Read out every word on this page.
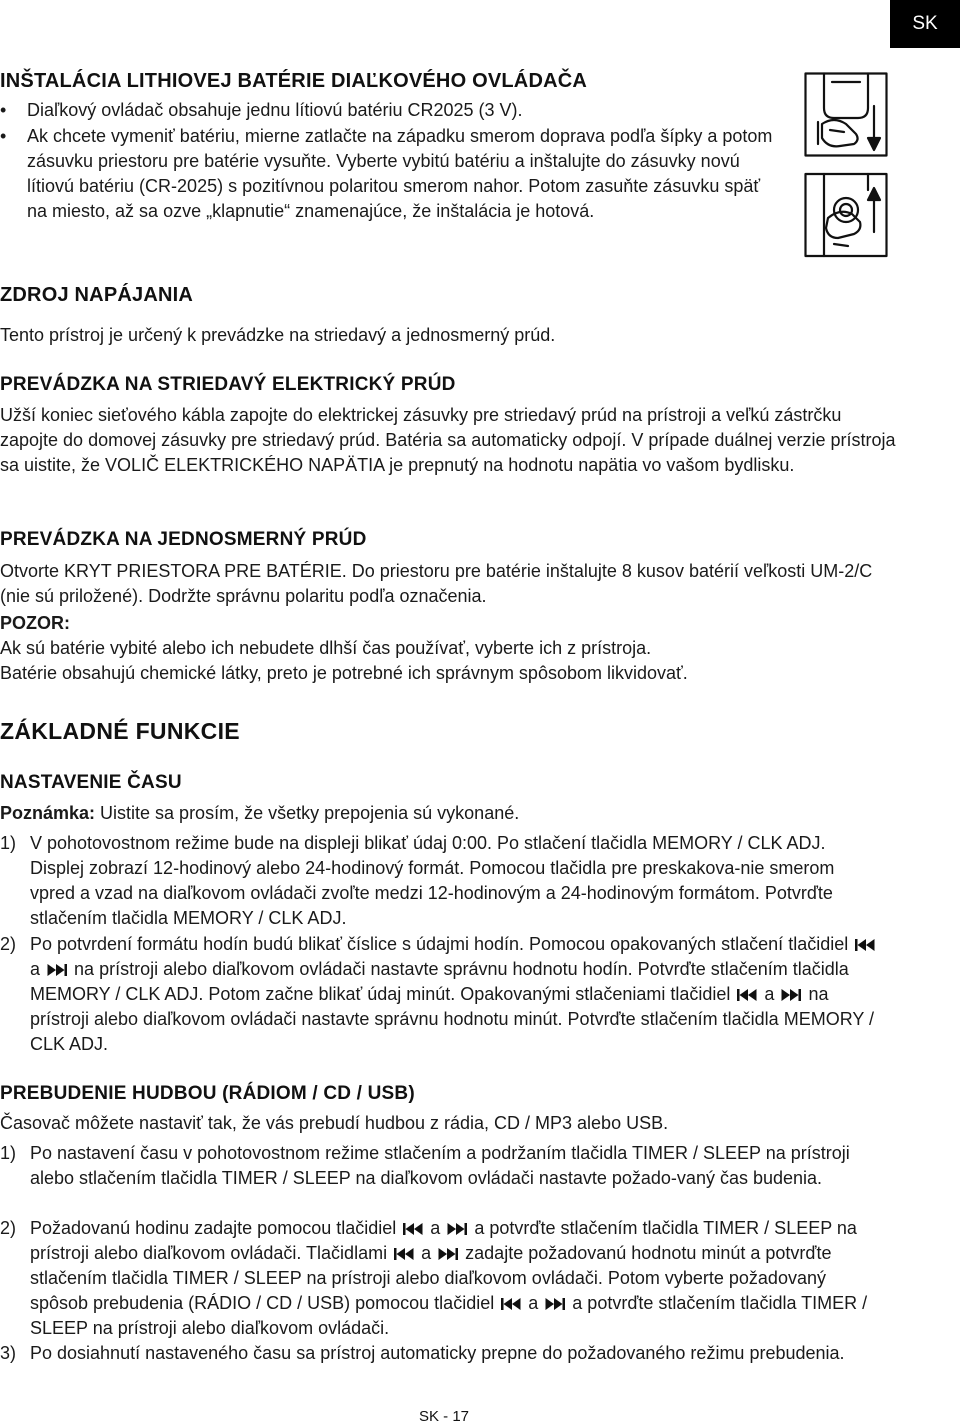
SK
INŠTALÁCIA LITHIOVEJ BATÉRIE DIAĽKOVÉHO OVLÁDAČA
•	Diaľkový ovládač obsahuje jednu lítiovú batériu CR2025 (3 V).
•	Ak chcete vymeniť batériu, mierne zatlačte na západku smerom doprava podľa šípky a potom zásuvku priestoru pre batérie vysuňte. Vyberte vybitú batériu a inštalujte do zásuvky novú lítiovú batériu (CR-2025) s pozitívnou polaritou smerom nahor. Potom zasuňte zásuvku späť na miesto, až sa ozve „klapnutie“ znamenajúce, že inštalácia je hotová.
ZDROJ NAPÁJANIA

Tento prístroj je určený k prevádzke na striedavý a jednosmerný prúd.

PREVÁDZKA NA STRIEDAVÝ ELEKTRICKÝ PRÚD

Užší koniec sieťového kábla zapojte do elektrickej zásuvky pre striedavý prúd na prístroji a veľkú zástrčku zapojte do domovej zásuvky pre striedavý prúd. Batéria sa automaticky odpojí. V prípade duálnej verzie prístroja sa uistite, že VOLIČ ELEKTRICKÉHO NAPÄTIA je prepnutý na hodnotu napätia vo vašom bydlisku.

PREVÁDZKA NA JEDNOSMERNÝ PRÚD

Otvorte KRYT PRIESTORA PRE BATÉRIE. Do priestoru pre batérie inštalujte 8 kusov batérií veľkosti UM-2/C (nie sú priložené). Dodržte správnu polaritu podľa označenia.

POZOR:

Ak sú batérie vybité alebo ich nebudete dlhší čas používať, vyberte ich z prístroja.

Batérie obsahujú chemické látky, preto je potrebné ich správnym spôsobom likvidovať.

ZÁKLADNÉ FUNKCIE
NASTAVENIE ČASU

Poznámka: Uistite sa prosím, že všetky prepojenia sú vykonané.

1) V pohotovostnom režime bude na displeji blikať údaj 0:00. Po stlačení tlačidla MEMORY / CLK ADJ. Displej zobrazí 12-hodinový alebo 24-hodinový formát. Pomocou tlačidla pre preskakova-nie smerom vpred a vzad na diaľkovom ovládači zvoľte medzi 12-hodinovým a 24-hodinovým formátom. Potvrďte stlačením tlačidla MEMORY / CLK ADJ.
2) Po potvrdení formátu hodín budú blikať číslice s údajmi hodín. Pomocou opakovaných stlačení tlačidiel
a na prístroji alebo diaľkovom ovládači nastavte správnu hodnotu hodín. Potvrďte stlačením tlačidla MEMORY / CLK ADJ. Potom začne blikať údaj minút. Opakovanými stlačeniami tlačidiel a na prístroji alebo diaľkovom ovládači nastavte správnu hodnotu minút. Potvrďte stlačením tlačidla MEMORY / CLK ADJ.
PREBUDENIE HUDBOU (RÁDIOM / CD / USB)

Časovač môžete nastaviť tak, že vás prebudí hudbou z rádia, CD / MP3 alebo USB.

1) Po nastavení času v pohotovostnom režime stlačením a podržaním tlačidla TIMER / SLEEP na prístroji alebo stlačením tlačidla TIMER / SLEEP na diaľkovom ovládači nastavte požado-vaný čas budenia.
2) Požadovanú hodinu zadajte pomocou tlačidiel a a potvrďte stlačením tlačidla TIMER / SLEEP na prístroji alebo diaľkovom ovládači. Tlačidlami a zadajte požadovanú hodnotu minút a potvrďte stlačením tlačidla TIMER / SLEEP na prístroji alebo diaľkovom ovládači. Potom vyberte požadovaný spôsob prebudenia (RÁDIO / CD / USB) pomocou tlačidiel a a potvrďte stlačením tlačidla TIMER / SLEEP na prístroji alebo diaľkovom ovládači.
3) Po dosiahnutí nastaveného času sa prístroj automaticky prepne do požadovaného režimu prebudenia.
SK - 17
